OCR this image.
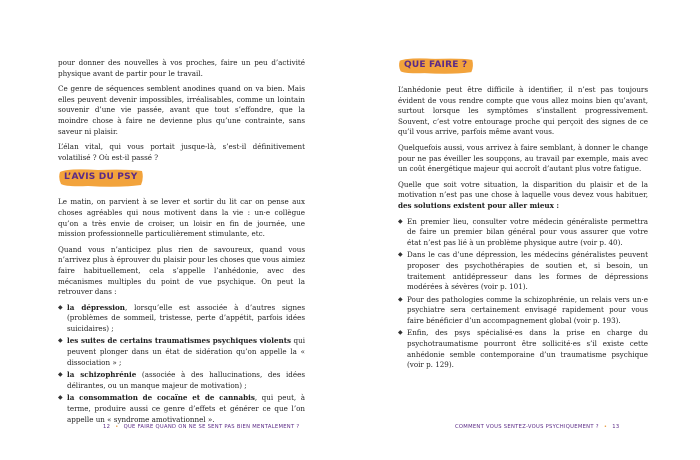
pour donner des nouvelles à vos proches, faire un peu d’activité physique avant de partir pour le travail.

Ce genre de séquences semblent anodines quand on va bien. Mais elles peuvent devenir impossibles, irréalisables, comme un lointain souvenir d’une vie passée, avant que tout s’effondre, que la moindre chose à faire ne devienne plus qu’une contrainte, sans saveur ni plaisir.

L’élan vital, qui vous portait jusque-là, s’est-il définitivement volatilisé ? Où est-il passé ?

L’AVIS DU PSY

Le matin, on parvient à se lever et sortir du lit car on pense aux choses agréables qui nous motivent dans la vie : un·e collègue qu’on a très envie de croiser, un loisir en fin de journée, une mission professionnelle particulièrement stimulante, etc.

Quand vous n’anticipez plus rien de savoureux, quand vous n’arrivez plus à éprouver du plaisir pour les choses que vous aimiez faire habituellement, cela s’appelle l’anhédonie, avec des mécanismes multiples du point de vue psychique. On peut la retrouver dans :

◆ la dépression, lorsqu’elle est associée à d’autres signes (problèmes de sommeil, tristesse, perte d’appétit, parfois idées suicidaires) ;
◆ les suites de certains traumatismes psychiques violents qui peuvent plonger dans un état de sidération qu’on appelle la « dissociation » ;
◆ la schizophrénie (associée à des hallucinations, des idées délirantes, ou un manque majeur de motivation) ;
◆ la consommation de cocaïne et de cannabis, qui peut, à terme, produire aussi ce genre d’effets et générer ce que l’on appelle un « syndrome amotivationnel ».
12 • QUE FAIRE QUAND ON NE SE SENT PAS BIEN MENTALEMENT ?
QUE FAIRE ?

L’anhédonie peut être difficile à identifier, il n’est pas toujours évident de vous rendre compte que vous allez moins bien qu’avant, surtout lorsque les symptômes s’installent progressivement. Souvent, c’est votre entourage proche qui perçoit des signes de ce qu’il vous arrive, parfois même avant vous.

Quelquefois aussi, vous arrivez à faire semblant, à donner le change pour ne pas éveiller les soupçons, au travail par exemple, mais avec un coût énergétique majeur qui accroît d’autant plus votre fatigue.

Quelle que soit votre situation, la disparition du plaisir et de la motivation n’est pas une chose à laquelle vous devez vous habituer, des solutions existent pour aller mieux :

◆ En premier lieu, consulter votre médecin généraliste permettra de faire un premier bilan général pour vous assurer que votre état n’est pas lié à un problème physique autre (voir p. 40).
◆ Dans le cas d’une dépression, les médecins généralistes peuvent proposer des psychothérapies de soutien et, si besoin, un traitement antidépresseur dans les formes de dépressions modérées à sévères (voir p. 101).
◆ Pour des pathologies comme la schizophrénie, un relais vers un·e psychiatre sera certainement envisagé rapidement pour vous faire bénéficier d’un accompagnement global (voir p. 193).
◆ Enfin, des psys spécialisé·es dans la prise en charge du psychotraumatisme pourront être sollicité·es s’il existe cette anhédonie semble contemporaine d’un traumatisme psychique (voir p. 129).
COMMENT VOUS SENTEZ-VOUS PSYCHIQUEMENT ? • 13
